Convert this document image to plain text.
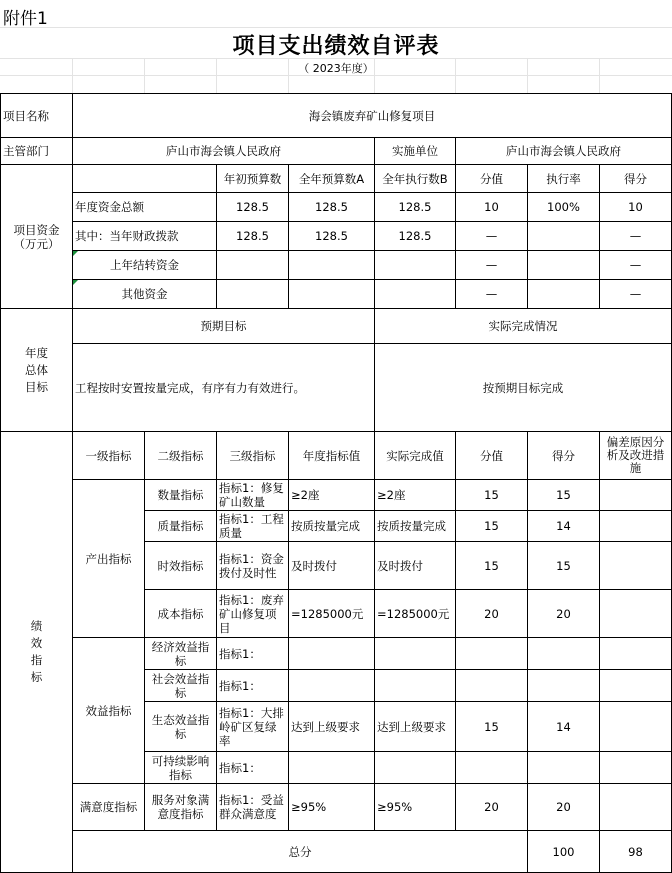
附件1
项目支出绩效自评表
（ 2023年度）
项目名称	海会镇废弃矿山修复项目								
主管部门	庐山市海会镇人民政府				实施单位	庐山市海会镇人民政府			

项目资金
（万元）			年初预算数	全年预算数A	全年执行数B	分值	执行率	得分	
	年度资金总额		128.5	128.5	128.5	10	100%	10	
	其中：当年财政拨款		128.5	128.5	128.5	—		—	
	上年结转资金					—		—	
	其他资金					—		—	

年度
总体
目标	预期目标				实际完成情况				
	工程按时安置按量完成，有序有力有效进行。				按预期目标完成				

绩
效
指
标	一级指标	二级指标	三级指标	年度指标值	实际完成值	分值	得分	偏差原因分析及改进措施	
	产出指标	数量指标	指标1：修复矿山数量	≥2座	≥2座	15	15		
		质量指标	指标1：工程质量	按质按量完成	按质按量完成	15	14		
		时效指标	指标1：资金拨付及时性	及时拨付	及时拨付	15	15		
		成本指标	指标1：废弃矿山修复项目	=1285000元	=1285000元	20	20		
	效益指标	经济效益指标	指标1：						
		社会效益指标	指标1：						
		生态效益指标	指标1：大排岭矿区复绿率	达到上级要求	达到上级要求	15	14		
		可持续影响指标	指标1：						
	满意度指标	服务对象满意度指标	指标1：受益群众满意度	≥95%	≥95%	20	20		
	总分						100	98	
